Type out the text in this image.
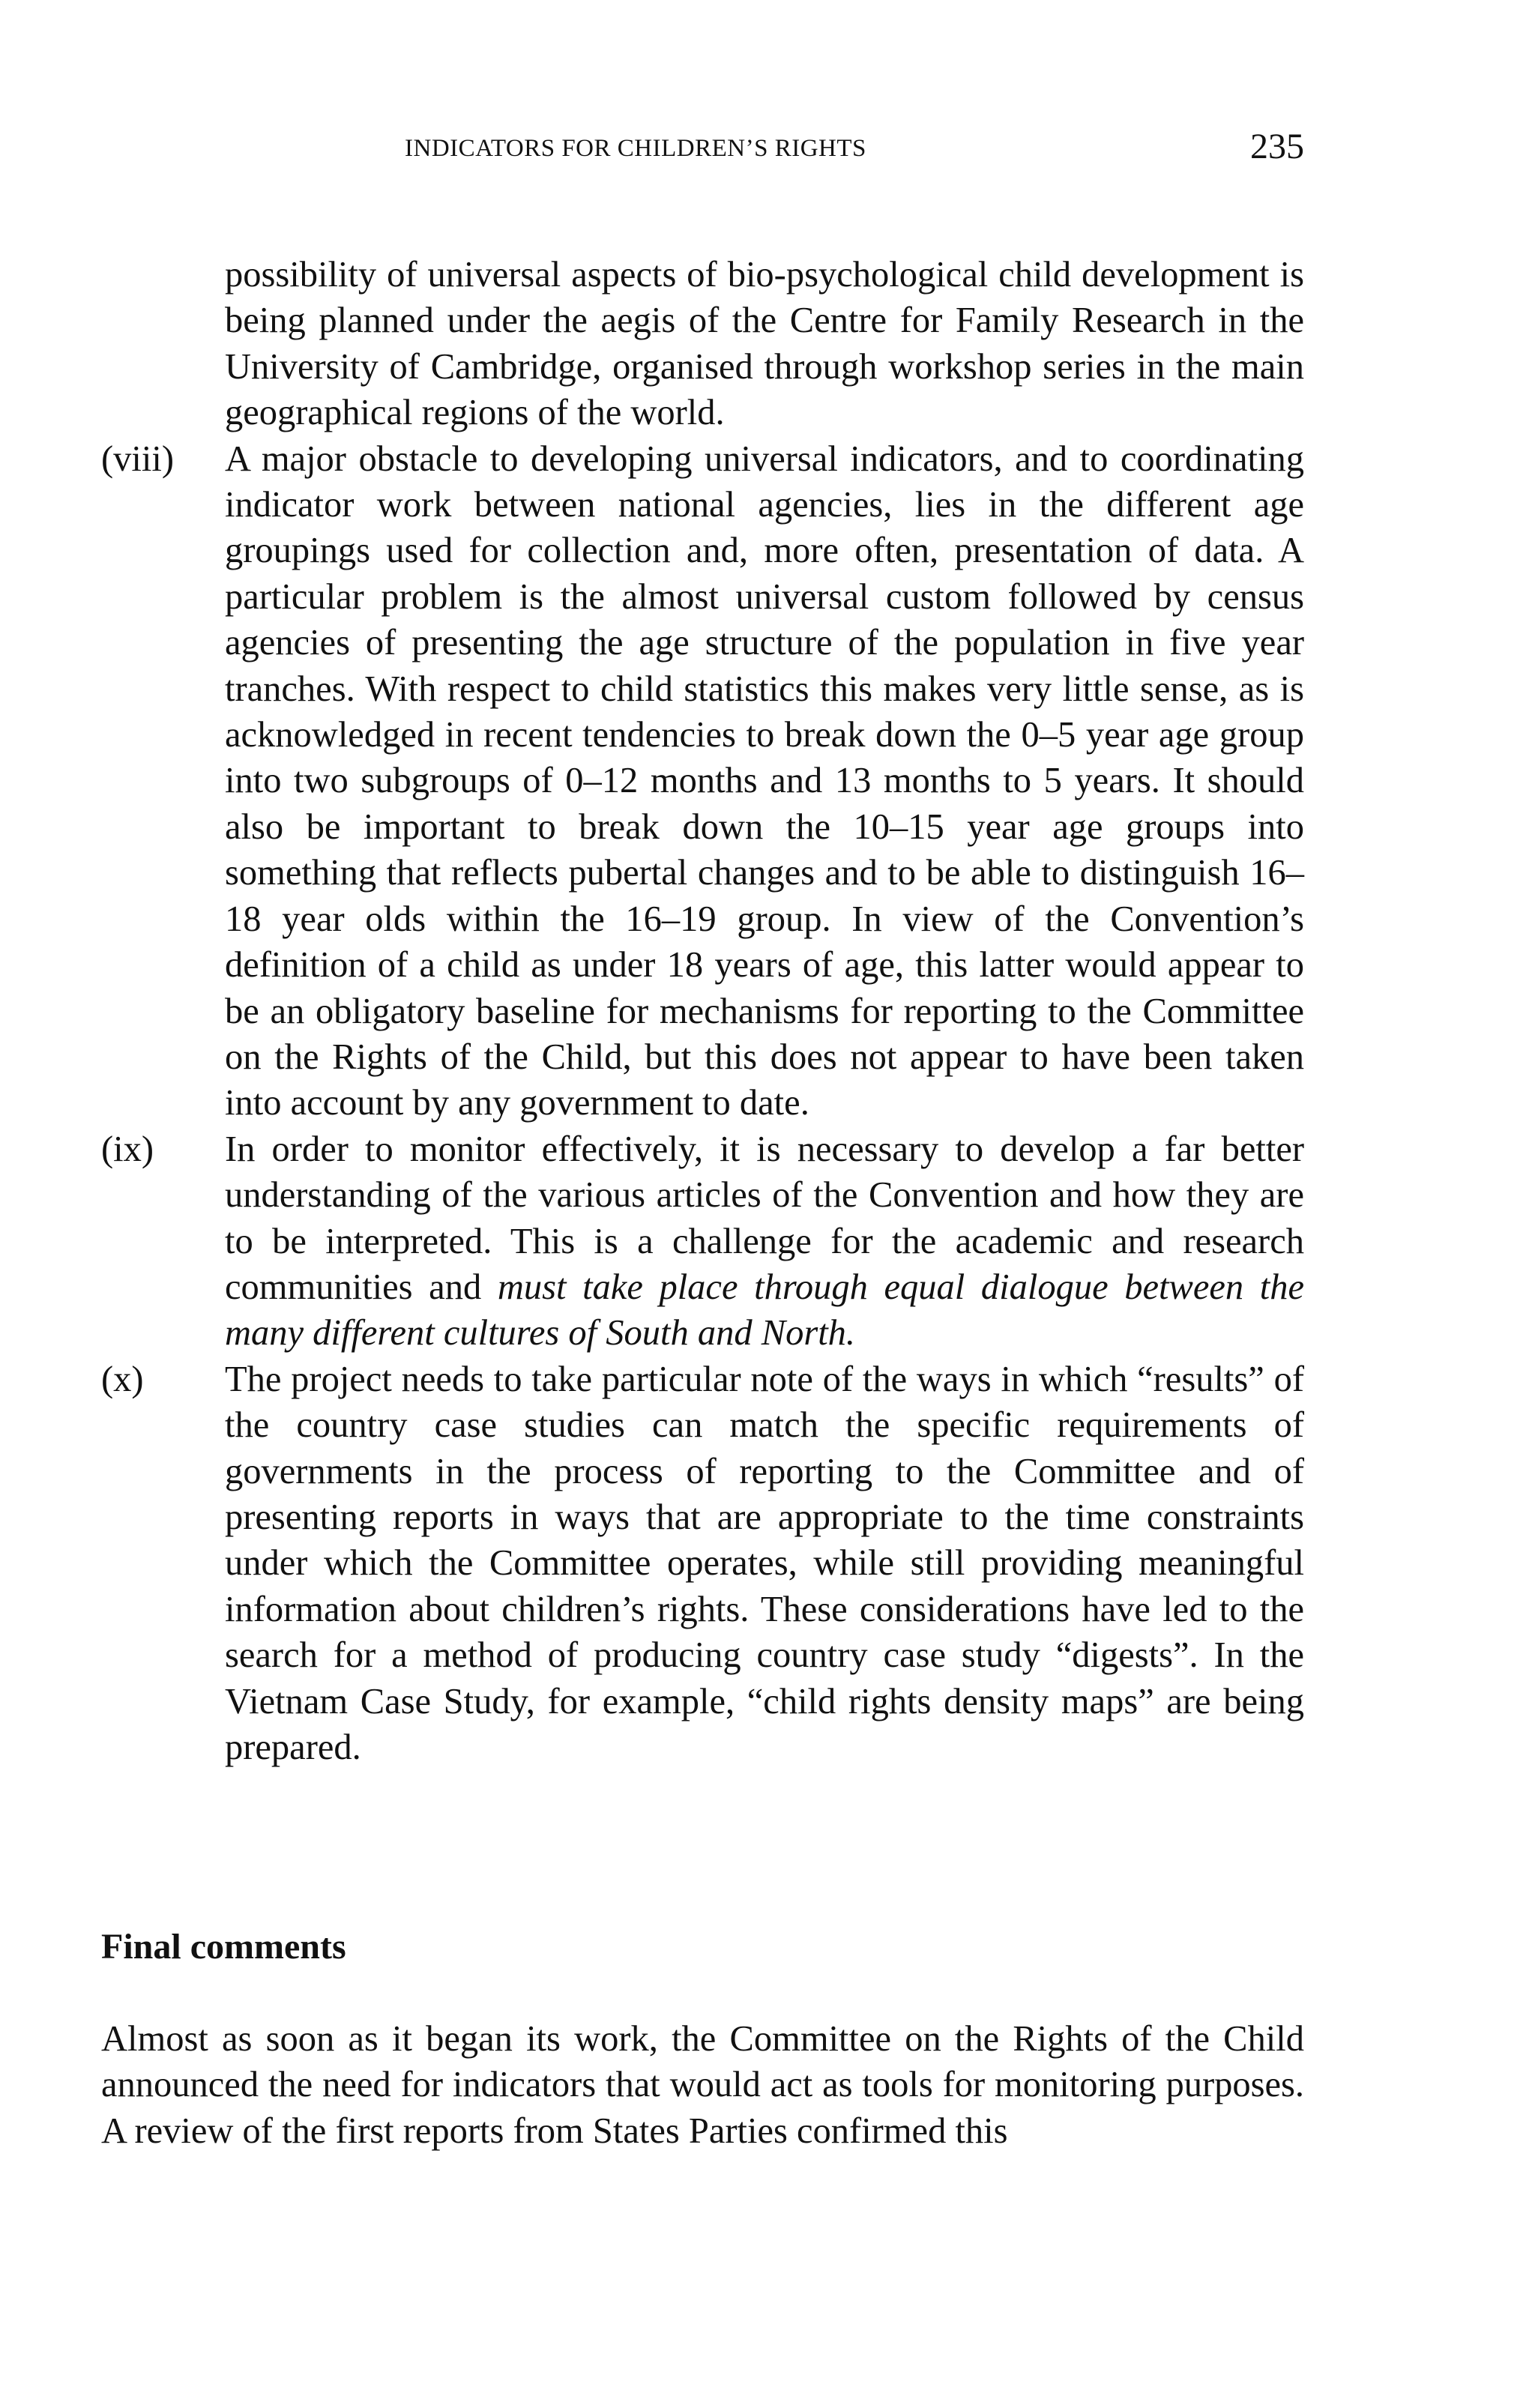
INDICATORS FOR CHILDREN’S RIGHTS	235
possibility of universal aspects of bio-psychological child development is being planned under the aegis of the Centre for Family Research in the University of Cambridge, organised through workshop series in the main geographical regions of the world.
(viii)	A major obstacle to developing universal indicators, and to coordinating indicator work between national agencies, lies in the different age groupings used for collection and, more often, presentation of data. A particular problem is the almost universal custom followed by census agencies of presenting the age structure of the population in five year tranches. With respect to child statistics this makes very little sense, as is acknowledged in recent tendencies to break down the 0–5 year age group into two subgroups of 0–12 months and 13 months to 5 years. It should also be important to break down the 10–15 year age groups into something that reflects pubertal changes and to be able to distinguish 16–18 year olds within the 16–19 group. In view of the Convention’s definition of a child as under 18 years of age, this latter would appear to be an obligatory baseline for mechanisms for reporting to the Committee on the Rights of the Child, but this does not appear to have been taken into account by any government to date.
(ix)	In order to monitor effectively, it is necessary to develop a far better understanding of the various articles of the Convention and how they are to be interpreted. This is a challenge for the academic and research communities and must take place through equal dialogue between the many different cultures of South and North.
(x)	The project needs to take particular note of the ways in which “results” of the country case studies can match the specific requirements of governments in the process of reporting to the Committee and of presenting reports in ways that are appropriate to the time constraints under which the Committee operates, while still providing meaningful information about children’s rights. These considerations have led to the search for a method of producing country case study “digests”. In the Vietnam Case Study, for example, “child rights density maps” are being prepared.
Final comments
Almost as soon as it began its work, the Committee on the Rights of the Child announced the need for indicators that would act as tools for monitoring purposes. A review of the first reports from States Parties confirmed this
